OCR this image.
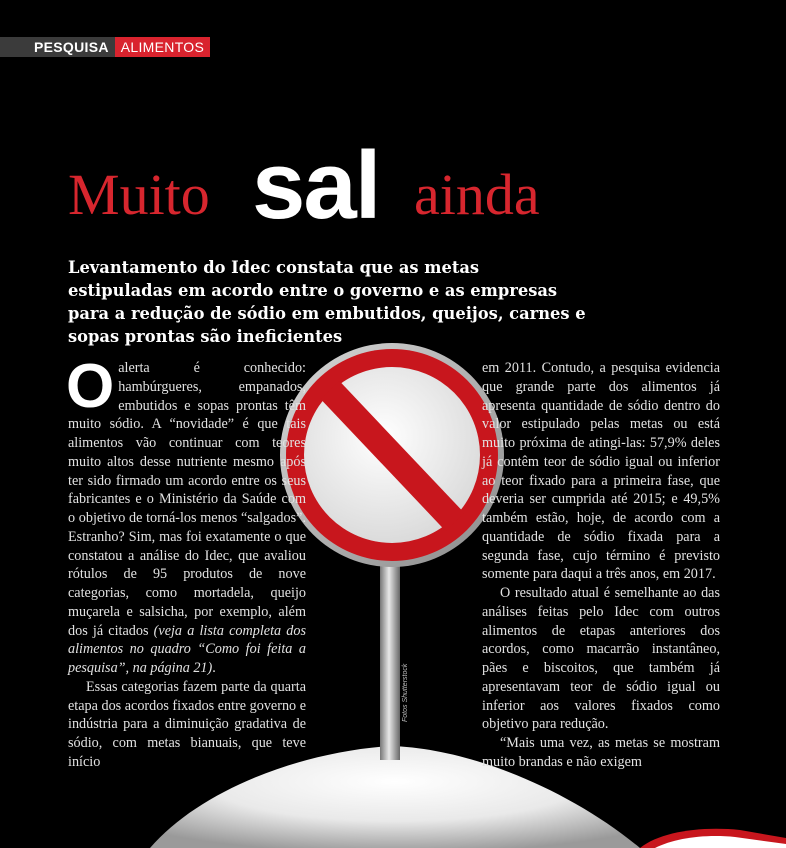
PESQUISA ALIMENTOS
Muito sal ainda
Levantamento do Idec constata que as metas estipuladas em acordo entre o governo e as empresas para a redução de sódio em embutidos, queijos, carnes e sopas prontas são ineficientes

Oalerta é conhecido: hambúrgueres, empanados, embutidos e sopas prontas têm muito sódio. A “novidade” é que tais alimentos vão continuar com teores muito altos desse nutriente mesmo após ter sido firmado um acordo entre os seus fabricantes e o Ministério da Saúde com o objetivo de torná-los menos “salgados”. Estranho? Sim, mas foi exatamente o que constatou a análise do Idec, que avaliou rótulos de 95 produtos de nove categorias, como mortadela, queijo muçarela e salsicha, por exemplo, além dos já citados (veja a lista completa dos alimentos no quadro “Como foi feita a pesquisa”, na página 21).

Essas categorias fazem parte da quarta etapa dos acordos fixados entre governo e indústria para a diminuição gradativa de sódio, com metas bianuais, que teve início

em 2011. Contudo, a pesquisa evidencia que grande parte dos alimentos já apresenta quantidade de sódio dentro do valor estipulado pelas metas ou está muito próxima de atingi-las: 57,9% deles já contêm teor de sódio igual ou inferior ao teor fixado para a primeira fase, que deveria ser cumprida até 2015; e 49,5% também estão, hoje, de acordo com a quantidade de sódio fixada para a segunda fase, cujo término é previsto somente para daqui a três anos, em 2017.

O resultado atual é semelhante ao das análises feitas pelo Idec com outros alimentos de etapas anteriores dos acordos, como macarrão instantâneo, pães e biscoitos, que também já apresentavam teor de sódio igual ou inferior aos valores fixados como objetivo para redução.

“Mais uma vez, as metas se mostram muito brandas e não exigem

Fotos Shutterstock
